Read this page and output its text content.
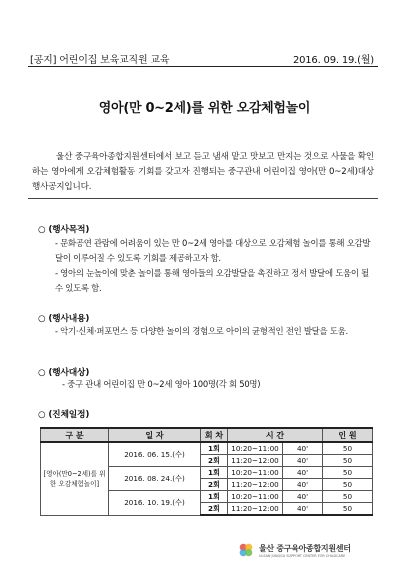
[공지] 어린이집 보육교직원 교육	2016. 09. 19.(월)
영아(만 0~2세)를 위한 오감체험놀이
울산 중구육아종합지원센터에서 보고 듣고 냄새 맡고 맛보고 만지는 것으로 사물을 확인하는 영아에게 오감체험활동 기회를 갖고자 진행되는 중구관내 어린이집 영아(만 0~2세)대상 행사공지입니다.
○ (행사목적)
- 문화공연 관람에 어려움이 있는 만 0~2세 영아를 대상으로 오감체험 놀이를 통해 오감발달이 이루어질 수 있도록 기회를 제공하고자 함.
- 영아의 눈높이에 맞춘 놀이를 통해 영아들의 오감발달을 촉진하고 정서 발달에 도움이 될 수 있도록 함.
○ (행사내용)
- 악기·신체·퍼포먼스 등 다양한 놀이의 경험으로 아이의 균형적인 전인 발달을 도움.
○ (행사대상)
- 중구 관내 어린이집 만 0~2세 영아 100명(각 회 50명)
○ (진체일정)
구 분	일 자	회 차	시 간		인 원
[영아(만0~2세)를 위한 오감체험놀이]	2016. 06. 15.(수)	1회	10:20~11:00	40'	50
		2회	11:20~12:00	40'	50
	2016. 08. 24.(수)	1회	10:20~11:00	40'	50
		2회	11:20~12:00	40'	50
	2016. 10. 19.(수)	1회	10:20~11:00	40'	50
		2회	11:20~12:00	40'	50
울산 중구육아종합지원센터
ULSAN JUNGGU SUPPORT CENTER FOR CHILDCARE
